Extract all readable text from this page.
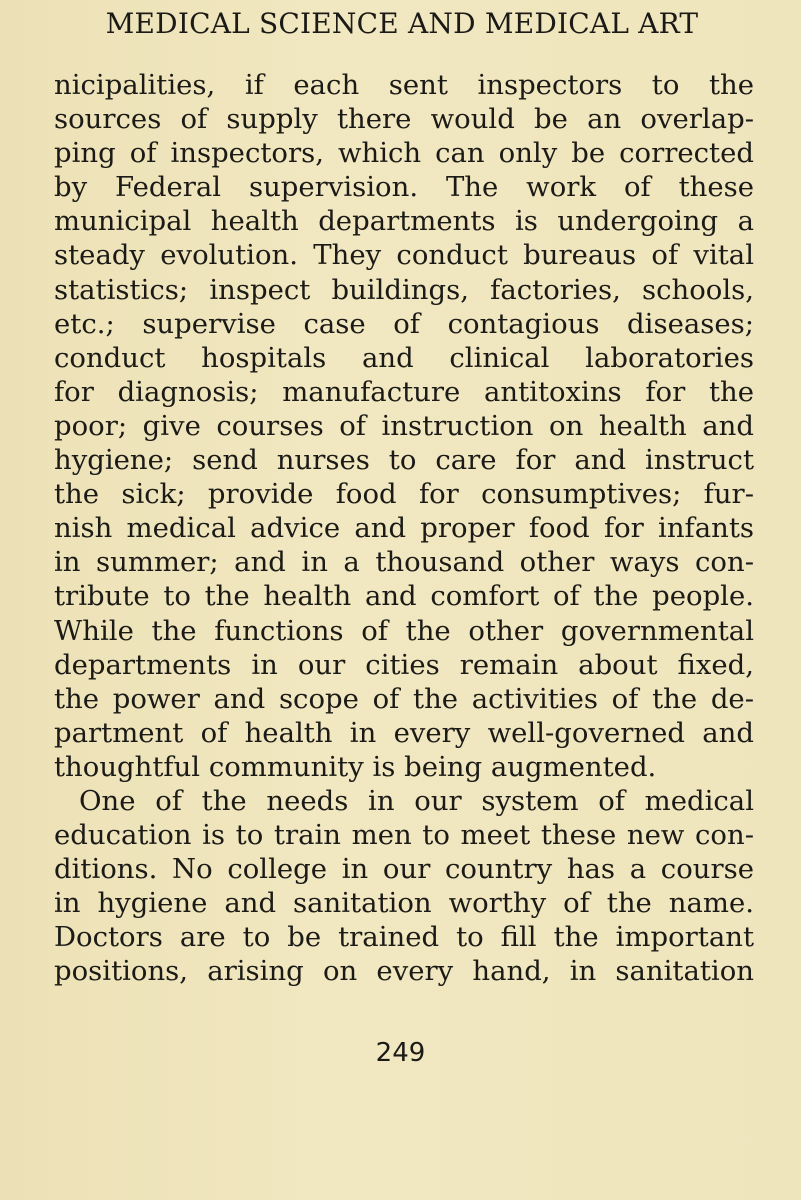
MEDICAL SCIENCE AND MEDICAL ART
nicipalities, if each sent inspectors to the
sources of supply there would be an overlap-
ping of inspectors, which can only be corrected
by Federal supervision. The work of these
municipal health departments is undergoing a
steady evolution. They conduct bureaus of vital
statistics; inspect buildings, factories, schools,
etc.; supervise case of contagious diseases;
conduct hospitals and clinical laboratories
for diagnosis; manufacture antitoxins for the
poor; give courses of instruction on health and
hygiene; send nurses to care for and instruct
the sick; provide food for consumptives; fur-
nish medical advice and proper food for infants
in summer; and in a thousand other ways con-
tribute to the health and comfort of the people.
While the functions of the other governmental
departments in our cities remain about fixed,
the power and scope of the activities of the de-
partment of health in every well-governed and
thoughtful community is being augmented.
One of the needs in our system of medical
education is to train men to meet these new con-
ditions. No college in our country has a course
in hygiene and sanitation worthy of the name.
Doctors are to be trained to fill the important
positions, arising on every hand, in sanitation
249
